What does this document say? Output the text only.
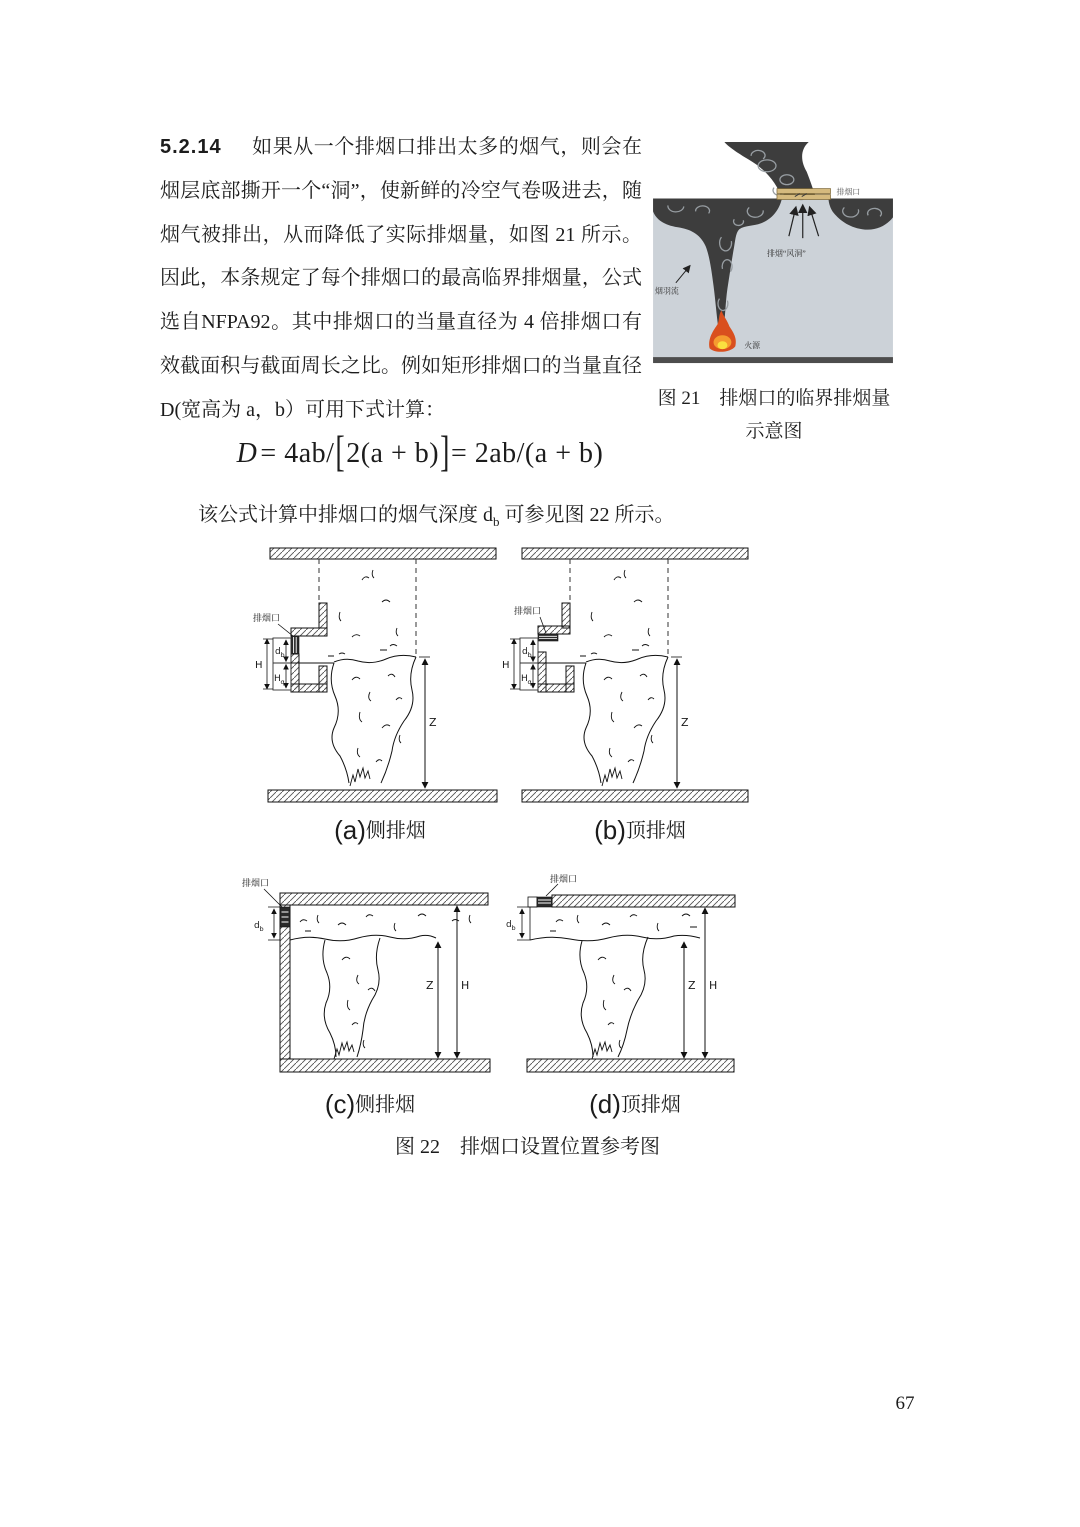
5.2.14 如果从一个排烟口排出太多的烟气，则会在烟层底部撕开一个“洞”，使新鲜的冷空气卷吸进去，随烟气被排出，从而降低了实际排烟量，如图 21 所示。因此，本条规定了每个排烟口的最高临界排烟量，公式选自NFPA92。其中排烟口的当量直径为 4 倍排烟口有效截面积与截面周长之比。例如矩形排烟口的当量直径 D(宽高为 a，b）可用下式计算：

排烟口
排烟“风洞”
烟羽流
火源

图 21　排烟口的临界排烟量
示意图

D = 4ab/[2(a + b)]= 2ab/(a + b)

该公式计算中排烟口的烟气深度 $d_b$ 可参见图 22 所示。

d b
H q
H
排烟口
Z
d b
H q
H
排烟口
Z

(a)侧排烟	(b)顶排烟

排烟口
d b
Z H
排烟口
d b
Z H

(c)侧排烟	(d)顶排烟

图 22　排烟口设置位置参考图

67
